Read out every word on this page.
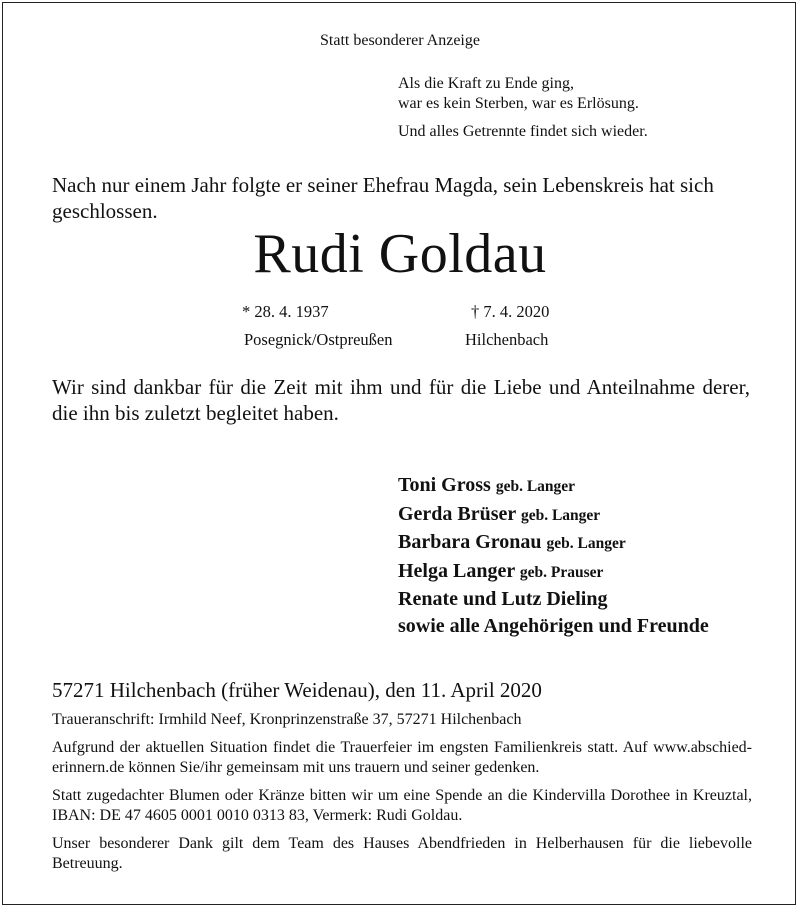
Statt besonderer Anzeige
Als die Kraft zu Ende ging,
war es kein Sterben, war es Erlösung.
Und alles Getrennte findet sich wieder.
Nach nur einem Jahr folgte er seiner Ehefrau Magda, sein Lebenskreis hat sich geschlossen.
Rudi Goldau
* 28. 4. 1937
Posegnick/Ostpreußen
† 7. 4. 2020
Hilchenbach
Wir sind dankbar für die Zeit mit ihm und für die Liebe und Anteilnahme derer, die ihn bis zuletzt begleitet haben.
Toni Gross geb. Langer
Gerda Brüser geb. Langer
Barbara Gronau geb. Langer
Helga Langer geb. Prauser
Renate und Lutz Dieling
sowie alle Angehörigen und Freunde
57271 Hilchenbach (früher Weidenau), den 11. April 2020
Traueranschrift: Irmhild Neef, Kronprinzenstraße 37, 57271 Hilchenbach
Aufgrund der aktuellen Situation findet die Trauerfeier im engsten Familienkreis statt. Auf www.abschied-erinnern.de können Sie/ihr gemeinsam mit uns trauern und seiner gedenken.
Statt zugedachter Blumen oder Kränze bitten wir um eine Spende an die Kindervilla Dorothee in Kreuztal, IBAN: DE 47 4605 0001 0010 0313 83, Vermerk: Rudi Goldau.
Unser besonderer Dank gilt dem Team des Hauses Abendfrieden in Helberhausen für die liebevolle Betreuung.
